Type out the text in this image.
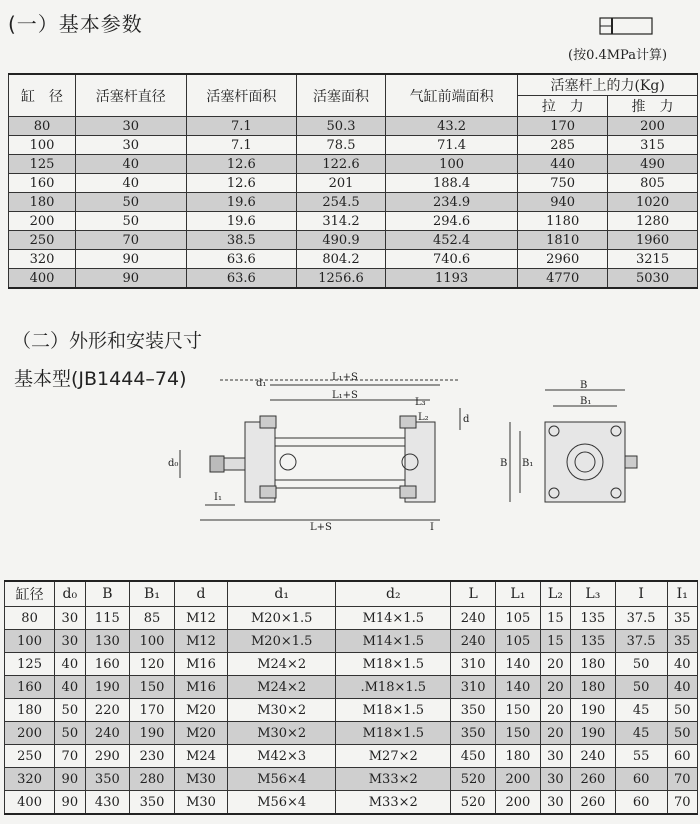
(一）基本参数
(按0.4MPa计算)
缸　径	活塞杆直径	活塞杆面积	活塞面积	气缸前端面积	活塞杆上的力(Kg)	
					拉　力	推　力
80	30	7.1	50.3	43.2	170	200
100	30	7.1	78.5	71.4	285	315
125	40	12.6	122.6	100	440	490
160	40	12.6	201	188.4	750	805
180	50	19.6	254.5	234.9	940	1020
200	50	19.6	314.2	294.6	1180	1280
250	70	38.5	490.9	452.4	1810	1960
320	90	63.6	804.2	740.6	2960	3215
400	90	63.6	1256.6	1193	4770	5030
（二）外形和安装尺寸
基本型(JB1444–74)	d₁
L₁+S
L₃
L₁+S
L₂	d
d₀
I₁
L+S	I
B
B₁
B B₁
缸径	d₀	B	B₁	d	d₁	d₂	L	L₁	L₂	L₃	I	I₁
80	30	115	85	M12	M20×1.5	M14×1.5	240	105	15	135	37.5	35
100	30	130	100	M12	M20×1.5	M14×1.5	240	105	15	135	37.5	35
125	40	160	120	M16	M24×2	M18×1.5	310	140	20	180	50	40
160	40	190	150	M16	M24×2	.M18×1.5	310	140	20	180	50	40
180	50	220	170	M20	M30×2	M18×1.5	350	150	20	190	45	50
200	50	240	190	M20	M30×2	M18×1.5	350	150	20	190	45	50
250	70	290	230	M24	M42×3	M27×2	450	180	30	240	55	60
320	90	350	280	M30	M56×4	M33×2	520	200	30	260	60	70
400	90	430	350	M30	M56×4	M33×2	520	200	30	260	60	70
